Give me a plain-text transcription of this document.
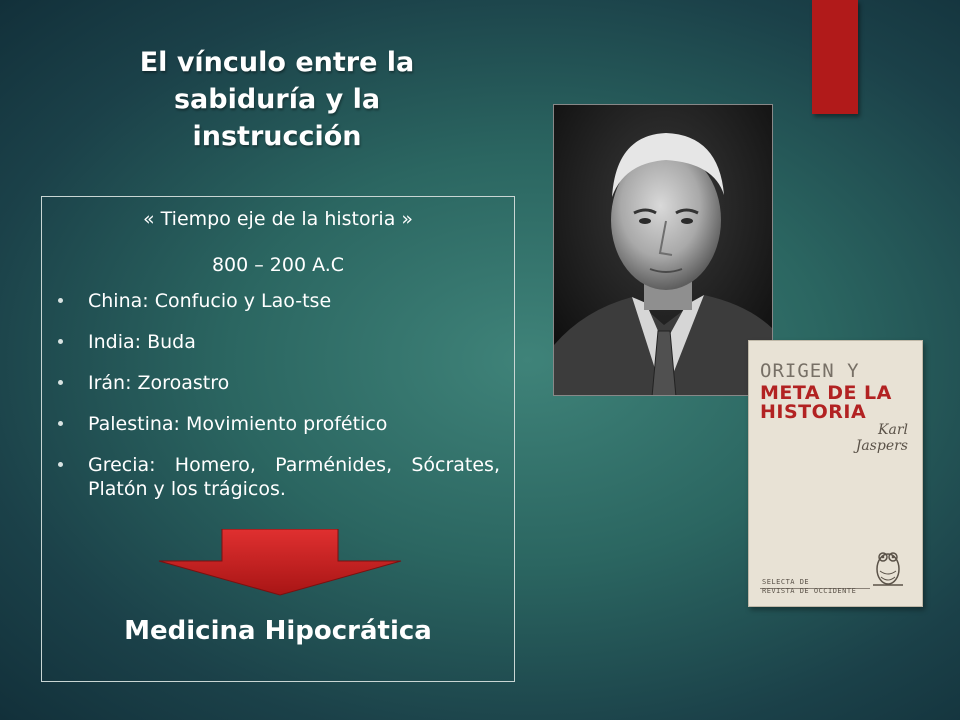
El vínculo entre la sabiduría y la instrucción
« Tiempo eje de la historia »
800 – 200 A.C
China: Confucio y Lao-tse
India: Buda
Irán: Zoroastro
Palestina: Movimiento profético
Grecia: Homero, Parménides, Sócrates, Platón y los trágicos.
Medicina Hipocrática
ORIGEN Y
META DE LA
HISTORIA
Karl
Jaspers
SELECTA DE
REVISTA DE OCCIDENTE
